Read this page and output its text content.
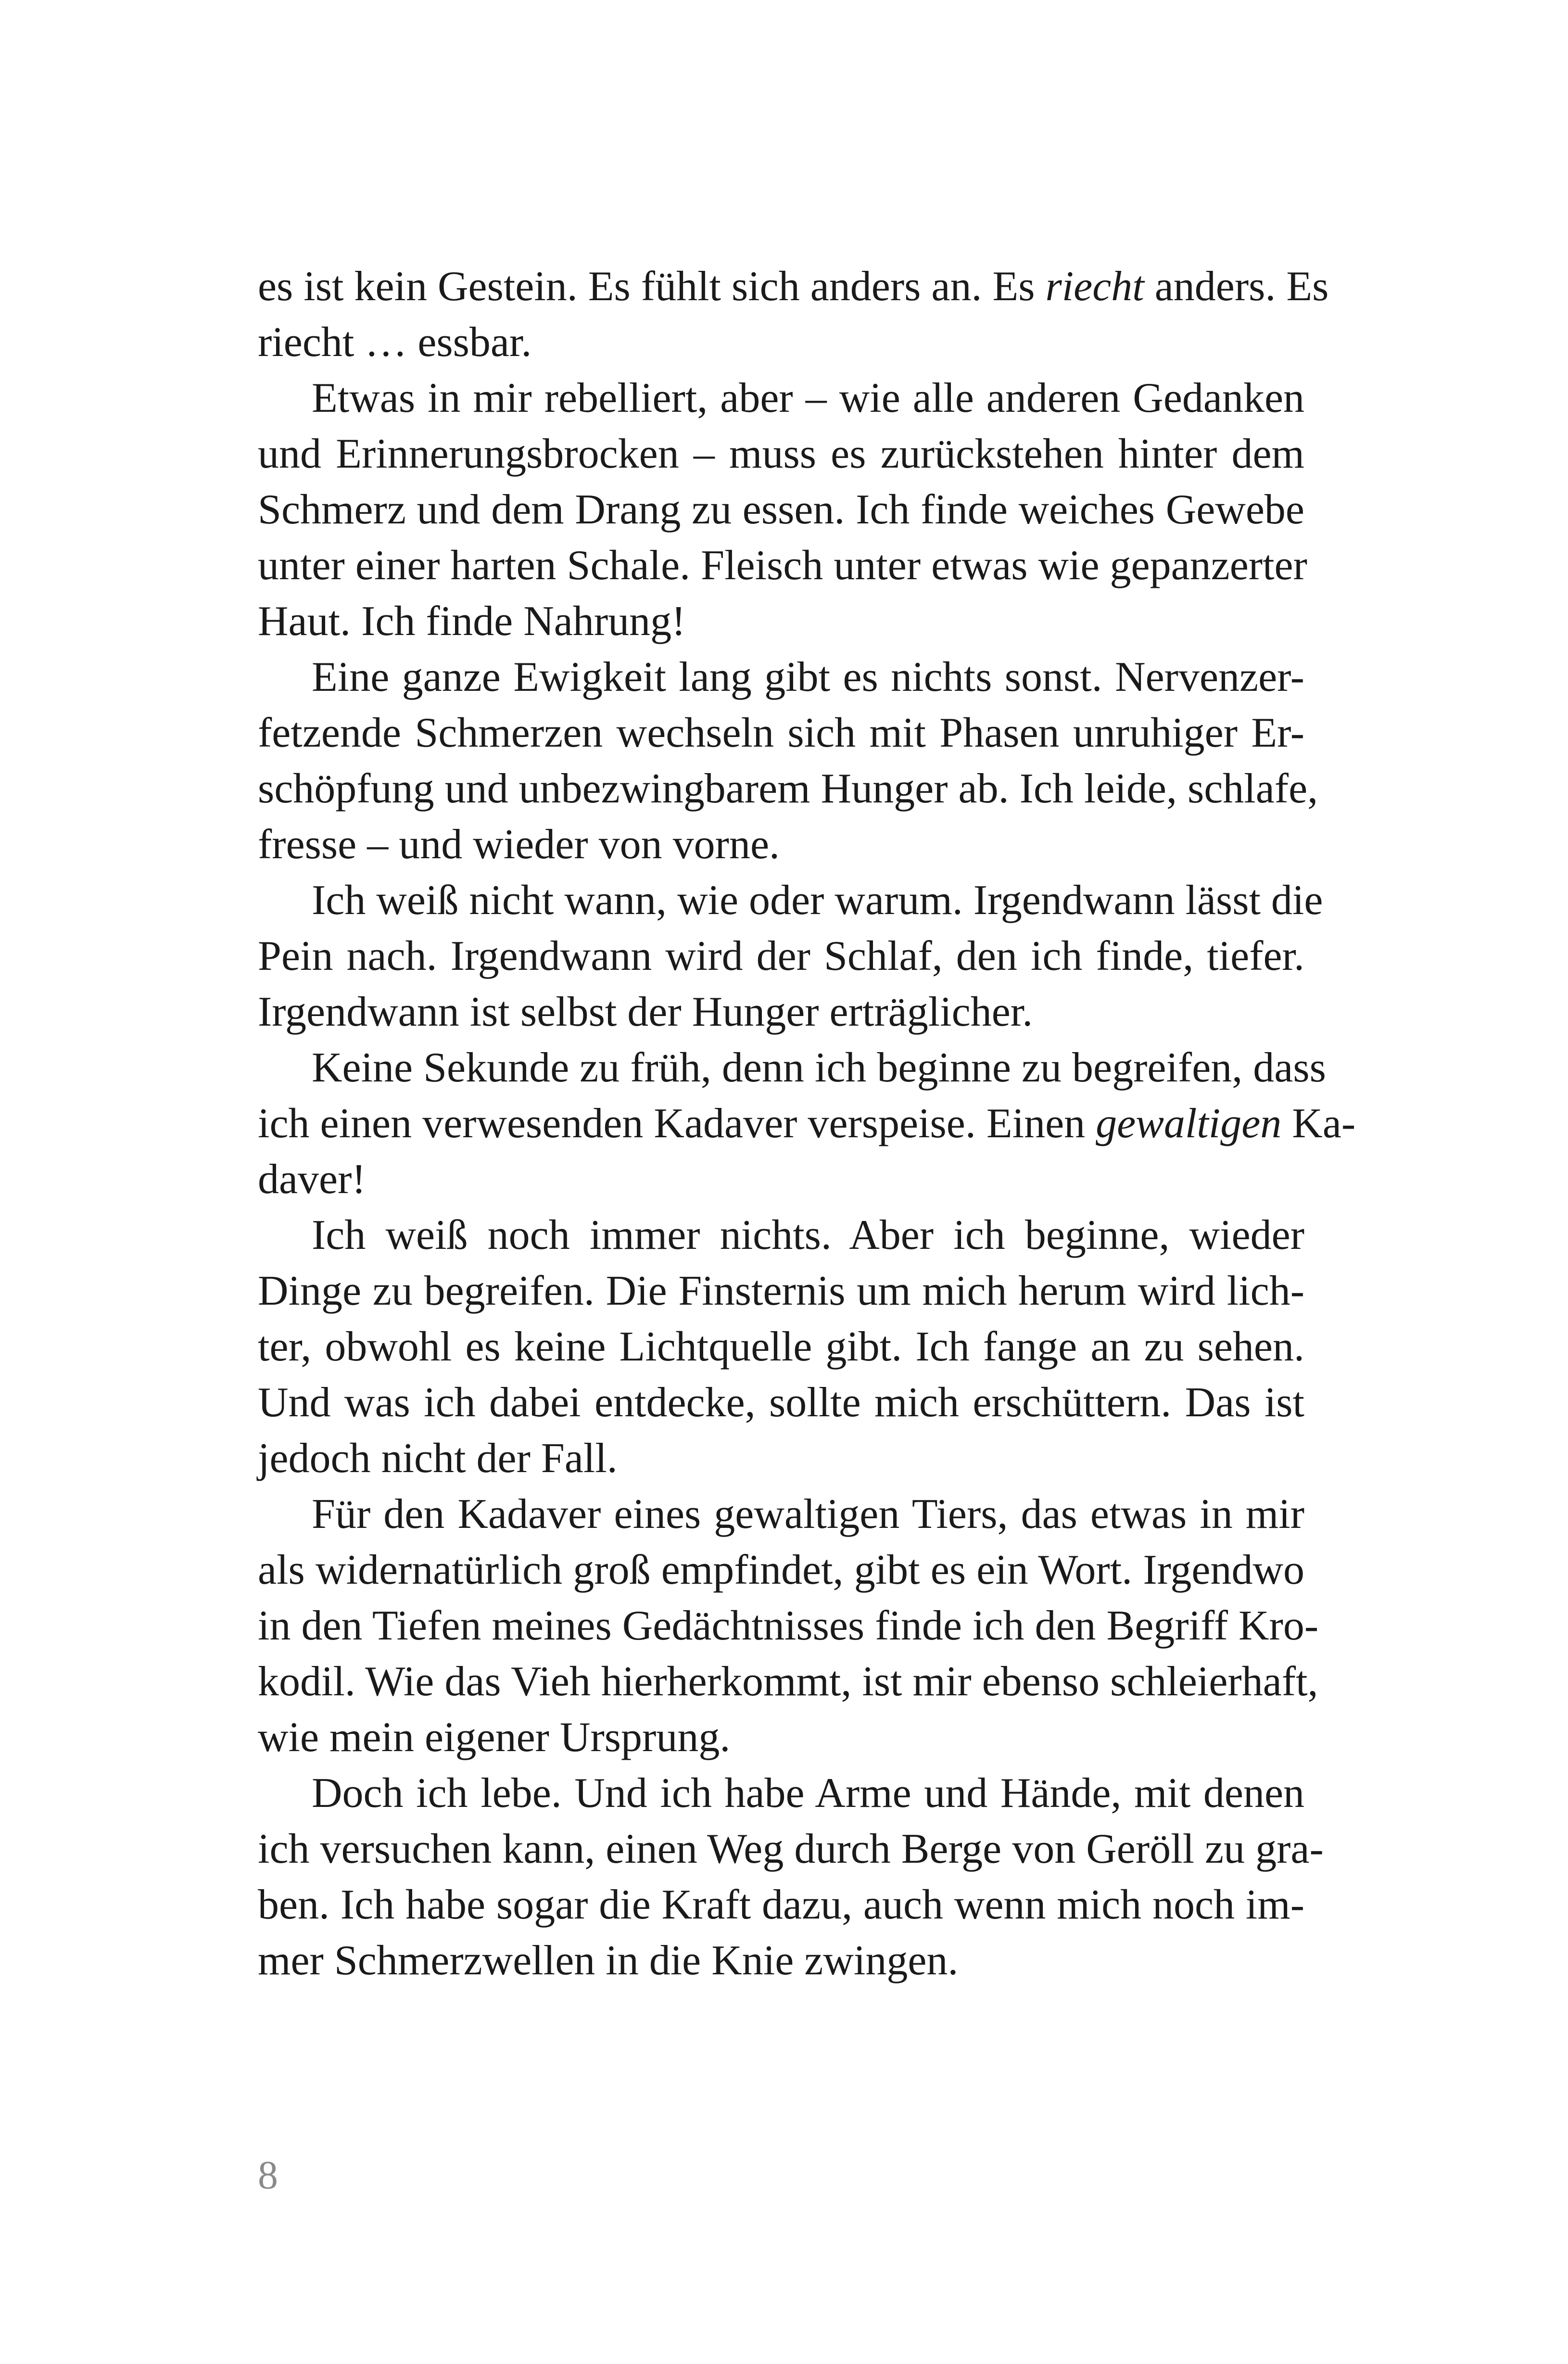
es ist kein Gestein. Es fühlt sich anders an. Es riecht anders. Es
riecht … essbar.
Etwas in mir rebelliert, aber – wie alle anderen Gedanken
und Erinnerungsbrocken – muss es zurückstehen hinter dem
Schmerz und dem Drang zu essen. Ich finde weiches Gewebe
unter einer harten Schale. Fleisch unter etwas wie gepanzerter
Haut. Ich finde Nahrung!
Eine ganze Ewigkeit lang gibt es nichts sonst. Nervenzer-
fetzende Schmerzen wechseln sich mit Phasen unruhiger Er-
schöpfung und unbezwingbarem Hunger ab. Ich leide, schlafe,
fresse – und wieder von vorne.
Ich weiß nicht wann, wie oder warum. Irgendwann lässt die
Pein nach. Irgendwann wird der Schlaf, den ich finde, tiefer.
Irgendwann ist selbst der Hunger erträglicher.
Keine Sekunde zu früh, denn ich beginne zu begreifen, dass
ich einen verwesenden Kadaver verspeise. Einen gewaltigen Ka-
daver!
Ich weiß noch immer nichts. Aber ich beginne, wieder
Dinge zu begreifen. Die Finsternis um mich herum wird lich-
ter, obwohl es keine Lichtquelle gibt. Ich fange an zu sehen.
Und was ich dabei entdecke, sollte mich erschüttern. Das ist
jedoch nicht der Fall.
Für den Kadaver eines gewaltigen Tiers, das etwas in mir
als widernatürlich groß empfindet, gibt es ein Wort. Irgendwo
in den Tiefen meines Gedächtnisses finde ich den Begriff Kro-
kodil. Wie das Vieh hierherkommt, ist mir ebenso schleierhaft,
wie mein eigener Ursprung.
Doch ich lebe. Und ich habe Arme und Hände, mit denen
ich versuchen kann, einen Weg durch Berge von Geröll zu gra-
ben. Ich habe sogar die Kraft dazu, auch wenn mich noch im-
mer Schmerzwellen in die Knie zwingen.
8
